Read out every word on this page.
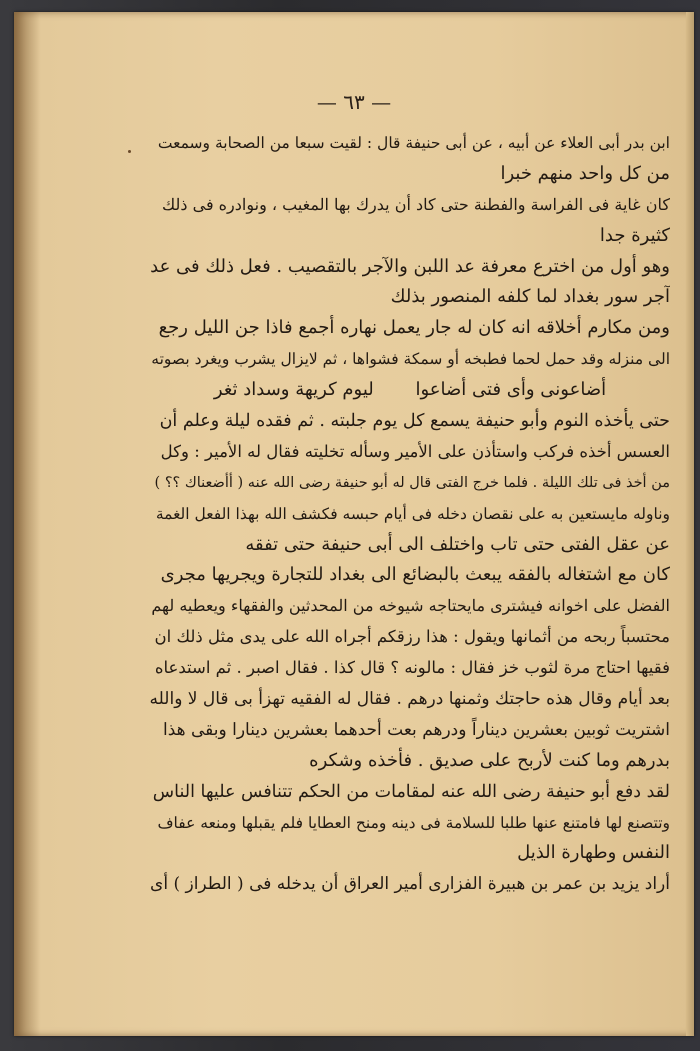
— ٦٣ —
ابن بدر أبى العلاء عن أبيه ، عن أبى حنيفة قال : لقيت سبعا من الصحابة وسمعت
من كل واحد منهم خبرا
كان غاية فى الفراسة والفطنة حتى كاد أن يدرك بها المغيب ، ونوادره فى ذلك
كثيرة جدا
وهو أول من اخترع معرفة عد اللبن والآجر بالتقصيب . فعل ذلك فى عد
آجر سور بغداد لما كلفه المنصور بذلك
ومن مكارم أخلاقه انه كان له جار يعمل نهاره أجمع فاذا جن الليل رجع
الى منزله وقد حمل لحما فطبخه أو سمكة فشواها ، ثم لايزال يشرب ويغرد بصوته
أضاعونى وأى فتى أضاعوا ليوم كريهة وسداد ثغر
حتى يأخذه النوم وأبو حنيفة يسمع كل يوم جلبته . ثم فقده ليلة وعلم أن
العسس أخذه فركب واستأذن على الأمير وسأله تخليته فقال له الأمير : وكل
من أخذ فى تلك الليلة . فلما خرج الفتى قال له أبو حنيفة رضى الله عنه ( أأضعناك ؟؟ )
وناوله مايستعين به على نقصان دخله فى أيام حبسه فكشف الله بهذا الفعل الغمة
عن عقل الفتى حتى تاب واختلف الى أبى حنيفة حتى تفقه
كان مع اشتغاله بالفقه يبعث بالبضائع الى بغداد للتجارة ويجريها مجرى
الفضل على اخوانه فيشترى مايحتاجه شيوخه من المحدثين والفقهاء ويعطيه لهم
محتسباً ربحه من أثمانها ويقول : هذا رزقكم أجراه الله على يدى مثل ذلك ان
فقيها احتاج مرة لثوب خز فقال : مالونه ؟ قال كذا . فقال اصبر . ثم استدعاه
بعد أيام وقال هذه حاجتك وثمنها درهم . فقال له الفقيه تهزأ بى قال لا والله
اشتريت ثوبين بعشرين ديناراً ودرهم بعت أحدهما بعشرين دينارا وبقى هذا
بدرهم وما كنت لأربح على صديق . فأخذه وشكره
لقد دفع أبو حنيفة رضى الله عنه لمقامات من الحكم تتنافس عليها الناس
وتتصنع لها فامتنع عنها طلبا للسلامة فى دينه ومنح العطايا فلم يقبلها ومنعه عفاف
النفس وطهارة الذيل
أراد يزيد بن عمر بن هبيرة الفزارى أمير العراق أن يدخله فى ( الطراز ) أى
